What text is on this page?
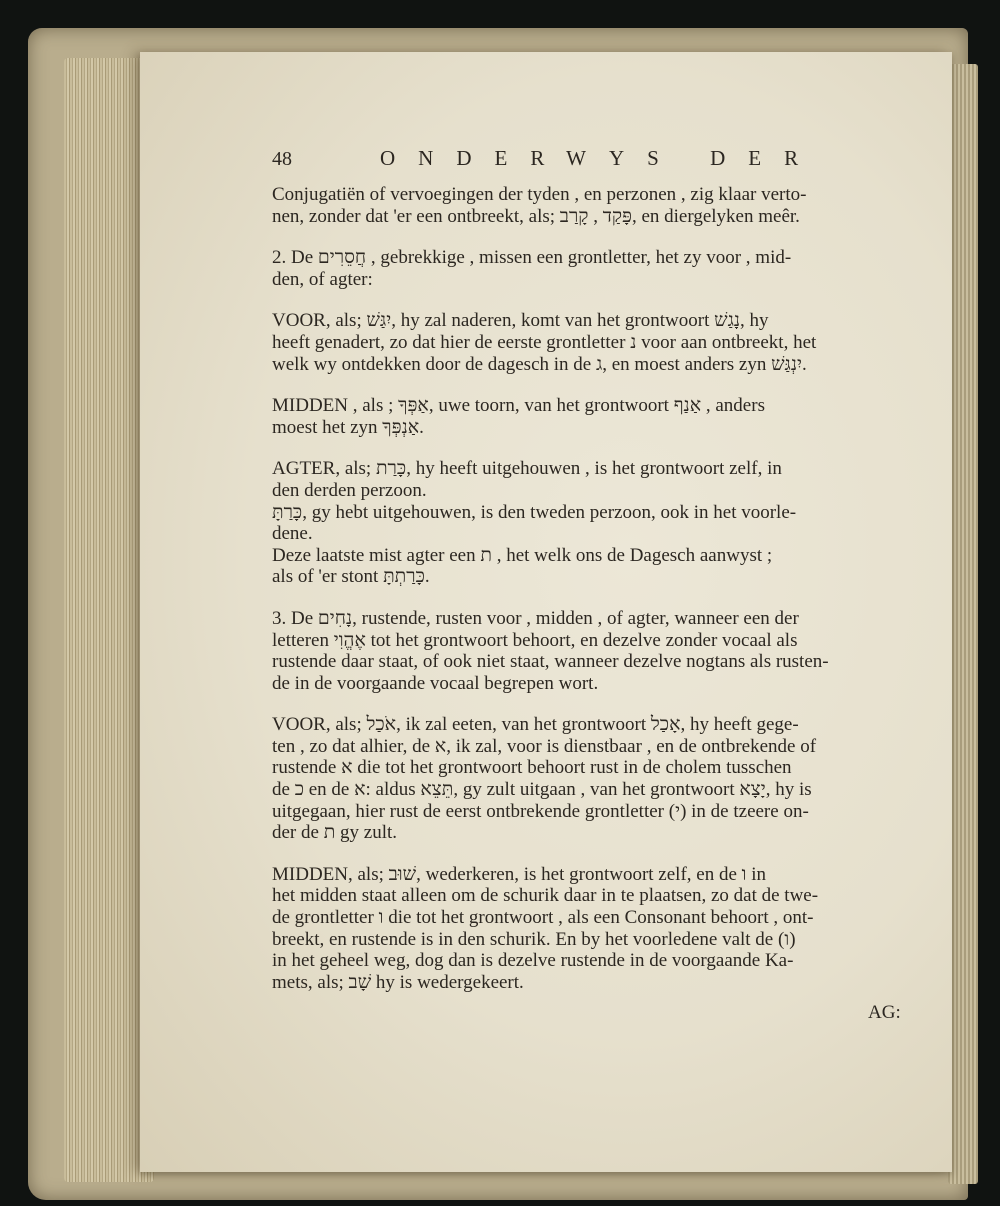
48	ONDERWYS DER
Conjugatiën of vervoegingen der tyden , en perzonen , zig klaar verto-
nen, zonder dat 'er een ontbreekt, als; פָּקַד , קָרַב, en diergelyken meêr.
2. De חֲסֵרִים , gebrekkige , missen een grontletter, het zy voor , mid-
den, of agter:
VOOR, als; יִגַּשׁ, hy zal naderen, komt van het grontwoort נָגַשׁ, hy
heeft genadert, zo dat hier de eerste grontletter נ voor aan ontbreekt, het
welk wy ontdekken door de dagesch in de ג, en moest anders zyn יִנְגַּשׁ.
MIDDEN , als ; אַפְּךָ, uwe toorn, van het grontwoort אַנַף , anders
moest het zyn אַנְפְּךָ.
AGTER, als; כָּרַת, hy heeft uitgehouwen , is het grontwoort zelf, in
den derden perzoon.
כָּרַתָּ, gy hebt uitgehouwen, is den tweden perzoon, ook in het voorle-
dene.
Deze laatste mist agter een ת , het welk ons de Dagesch aanwyst ;
als of 'er stont כָּרַתְתָּ.
3. De נָחִים, rustende, rusten voor , midden , of agter, wanneer een der
letteren אֶהֱוִי tot het grontwoort behoort, en dezelve zonder vocaal als
rustende daar staat, of ook niet staat, wanneer dezelve nogtans als rusten-
de in de voorgaande vocaal begrepen wort.
VOOR, als; אֹכַל, ik zal eeten, van het grontwoort אָכַל, hy heeft gege-
ten , zo dat alhier, de א, ik zal, voor is dienstbaar , en de ontbrekende of
rustende א die tot het grontwoort behoort rust in de cholem tusschen
de כ en de א: aldus תֵּצֵא, gy zult uitgaan , van het grontwoort יָצָא, hy is
uitgegaan, hier rust de eerst ontbrekende grontletter (י) in de tzeere on-
der de ת gy zult.
MIDDEN, als; שׁוּב, wederkeren, is het grontwoort zelf, en de ו in
het midden staat alleen om de schurik daar in te plaatsen, zo dat de twe-
de grontletter ו die tot het grontwoort , als een Consonant behoort , ont-
breekt, en rustende is in den schurik. En by het voorledene valt de (ו)
in het geheel weg, dog dan is dezelve rustende in de voorgaande Ka-
mets, als; שָׁב hy is wedergekeert.
AG:
